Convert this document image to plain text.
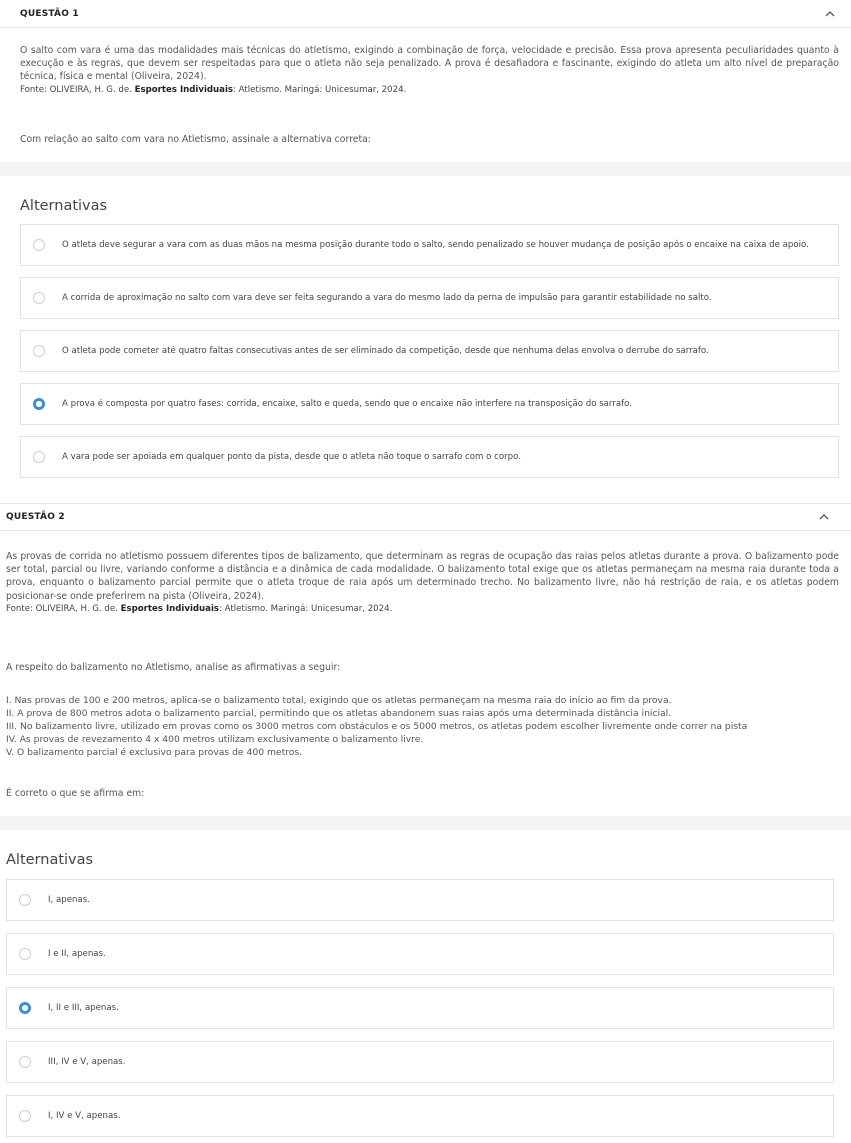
QUESTÃO 1

O salto com vara é uma das modalidades mais técnicas do atletismo, exigindo a combinação de força, velocidade e precisão. Essa prova apresenta peculiaridades quanto à execução e às regras, que devem ser respeitadas para que o atleta não seja penalizado. A prova é desafiadora e fascinante, exigindo do atleta um alto nível de preparação técnica, física e mental (Oliveira, 2024).

Fonte: OLIVEIRA, H. G. de. Esportes Individuais: Atletismo. Maringá: Unicesumar, 2024.
Com relação ao salto com vara no Atletismo, assinale a alternativa correta:
Alternativas
O atleta deve segurar a vara com as duas mãos na mesma posição durante todo o salto, sendo penalizado se houver mudança de posição após o encaixe na caixa de apoio.
A corrida de aproximação no salto com vara deve ser feita segurando a vara do mesmo lado da perna de impulsão para garantir estabilidade no salto.
O atleta pode cometer até quatro faltas consecutivas antes de ser eliminado da competição, desde que nenhuma delas envolva o derrube do sarrafo.
A prova é composta por quatro fases: corrida, encaixe, salto e queda, sendo que o encaixe não interfere na transposição do sarrafo.
A vara pode ser apoiada em qualquer ponto da pista, desde que o atleta não toque o sarrafo com o corpo.
QUESTÃO 2

As provas de corrida no atletismo possuem diferentes tipos de balizamento, que determinam as regras de ocupação das raias pelos atletas durante a prova. O balizamento pode ser total, parcial ou livre, variando conforme a distância e a dinâmica de cada modalidade. O balizamento total exige que os atletas permaneçam na mesma raia durante toda a prova, enquanto o balizamento parcial permite que o atleta troque de raia após um determinado trecho. No balizamento livre, não há restrição de raia, e os atletas podem posicionar-se onde preferirem na pista (Oliveira, 2024).

Fonte: OLIVEIRA, H. G. de. Esportes Individuais: Atletismo. Maringá: Unicesumar, 2024.
A respeito do balizamento no Atletismo, analise as afirmativas a seguir:
I. Nas provas de 100 e 200 metros, aplica-se o balizamento total, exigindo que os atletas permaneçam na mesma raia do início ao fim da prova.
II. A prova de 800 metros adota o balizamento parcial, permitindo que os atletas abandonem suas raias após uma determinada distância inicial.
III. No balizamento livre, utilizado em provas como os 3000 metros com obstáculos e os 5000 metros, os atletas podem escolher livremente onde correr na pista
IV. As provas de revezamento 4 x 400 metros utilizam exclusivamente o balizamento livre.
V. O balizamento parcial é exclusivo para provas de 400 metros.
É correto o que se afirma em:
Alternativas
I, apenas.
I e II, apenas.
I, II e III, apenas.
III, IV e V, apenas.
I, IV e V, apenas.
